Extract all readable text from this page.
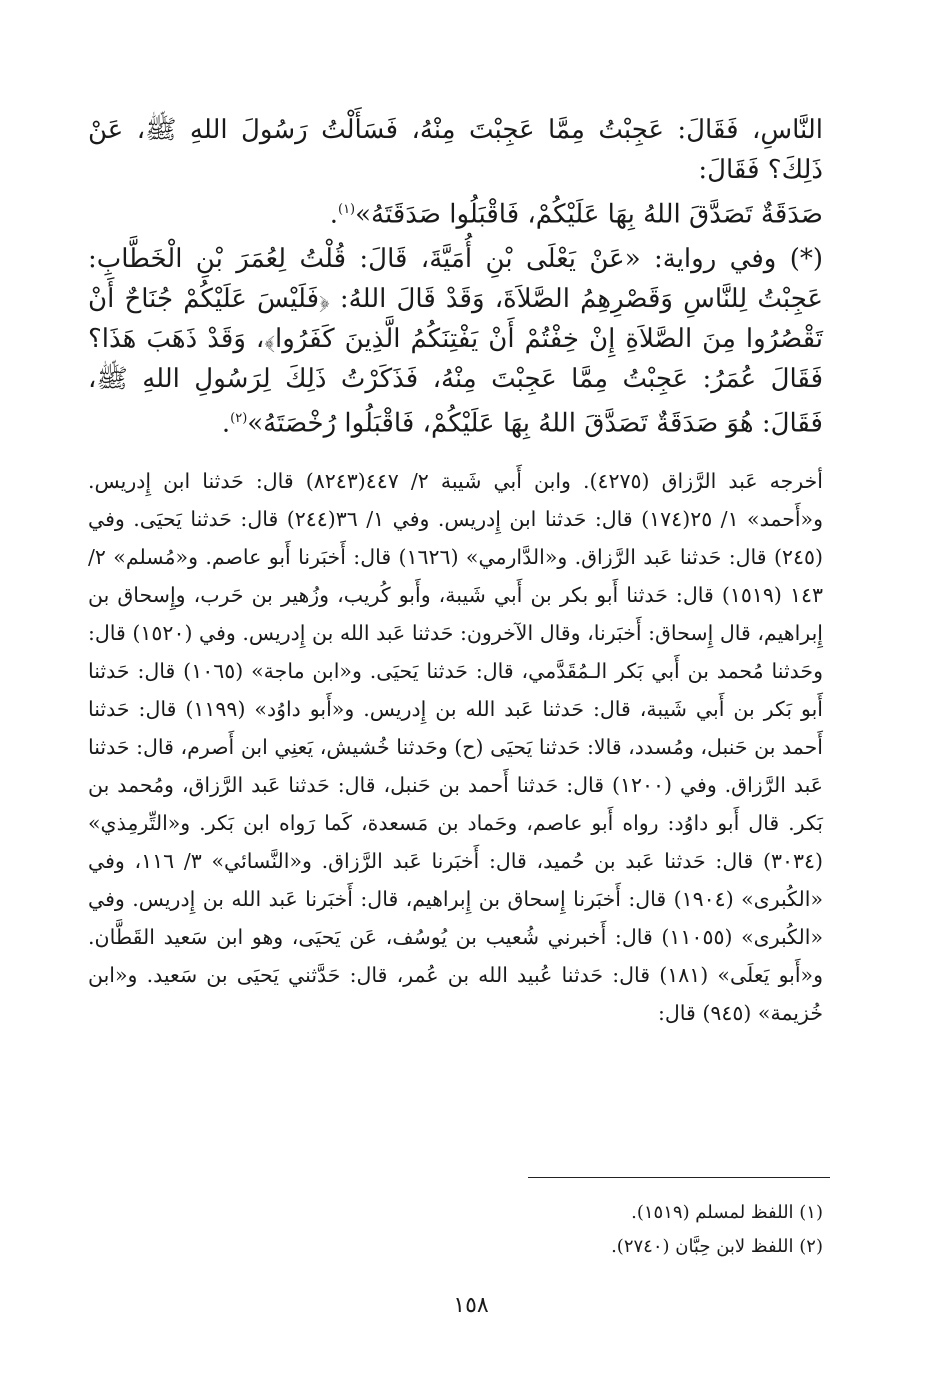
النَّاسِ، فَقَالَ: عَجِبْتُ مِمَّا عَجِبْتَ مِنْهُ، فَسَأَلْتُ رَسُولَ اللهِ ﷺ، عَنْ ذَلِكَ؟ فَقَالَ:
صَدَقَةٌ تَصَدَّقَ اللهُ بِهَا عَلَيْكُمْ، فَاقْبَلُوا صَدَقَتَهُ»$^{(١)}$.

(*) وفي رواية: «عَنْ يَعْلَى بْنِ أُمَيَّةَ، قَالَ: قُلْتُ لِعُمَرَ بْنِ الْخَطَّابِ: عَجِبْتُ لِلنَّاسِ وَقَصْرِهِمُ الصَّلاَةَ، وَقَدْ قَالَ اللهُ: ﴿فَلَيْسَ عَلَيْكُمْ جُنَاحٌ أَنْ تَقْصُرُوا مِنَ الصَّلاَةِ إِنْ خِفْتُمْ أَنْ يَفْتِنَكُمُ الَّذِينَ كَفَرُوا﴾، وَقَدْ ذَهَبَ هَذَا؟ فَقَالَ عُمَرُ: عَجِبْتُ مِمَّا عَجِبْتَ مِنْهُ، فَذَكَرْتُ ذَلِكَ لِرَسُولِ اللهِ ﷺ، فَقَالَ: هُوَ صَدَقَةٌ تَصَدَّقَ اللهُ بِهَا عَلَيْكُمْ، فَاقْبَلُوا رُخْصَتَهُ»$^{(٢)}$.

أخرجه عَبد الرَّزاق (٤٢٧٥). وابن أَبي شَيبة ٢/ ٤٤٧(٨٢٤٣) قال: حَدثنا ابن إِدريس. و«أَحمد» ١/ ٢٥(١٧٤) قال: حَدثنا ابن إِدريس. وفي ١/ ٣٦(٢٤٤) قال: حَدثنا يَحيَى. وفي (٢٤٥) قال: حَدثنا عَبد الرَّزاق. و«الدَّارمي» (١٦٢٦) قال: أَخبَرنا أَبو عاصم. و«مُسلم» ٢/ ١٤٣ (١٥١٩) قال: حَدثنا أَبو بكر بن أَبي شَيبة، وأَبو كُريب، وزُهير بن حَرب، وإِسحاق بن إِبراهيم، قال إِسحاق: أَخبَرنا، وقال الآخرون: حَدثنا عَبد الله بن إِدريس. وفي (١٥٢٠) قال: وحَدثنا مُحمد بن أَبي بَكر الـمُقَدَّمي، قال: حَدثنا يَحيَى. و«ابن ماجة» (١٠٦٥) قال: حَدثنا أَبو بَكر بن أَبي شَيبة، قال: حَدثنا عَبد الله بن إِدريس. و«أَبو داوُد» (١١٩٩) قال: حَدثنا أَحمد بن حَنبل، ومُسدد، قالا: حَدثنا يَحيَى (ح) وحَدثنا خُشيش، يَعنِي ابن أَصرم، قال: حَدثنا عَبد الرَّزاق. وفي (١٢٠٠) قال: حَدثنا أَحمد بن حَنبل، قال: حَدثنا عَبد الرَّزاق، ومُحمد بن بَكر. قال أَبو داوُد: رواه أَبو عاصم، وحَماد بن مَسعدة، كَما رَواه ابن بَكر. و«التِّرمِذي» (٣٠٣٤) قال: حَدثنا عَبد بن حُميد، قال: أَخبَرنا عَبد الرَّزاق. و«النَّسائي» ٣/ ١١٦، وفي «الكُبرى» (١٩٠٤) قال: أَخبَرنا إِسحاق بن إِبراهيم، قال: أَخبَرنا عَبد الله بن إِدريس. وفي «الكُبرى» (١١٠٥٥) قال: أَخبرني شُعيب بن يُوسُف، عَن يَحيَى، وهو ابن سَعيد القَطَّان. و«أَبو يَعلَى» (١٨١) قال: حَدثنا عُبيد الله بن عُمر، قال: حَدَّثني يَحيَى بن سَعيد. و«ابن خُزيمة» (٩٤٥) قال:

(١) اللفظ لمسلم (١٥١٩).
(٢) اللفظ لابن حِبَّان (٢٧٤٠).
١٥٨
